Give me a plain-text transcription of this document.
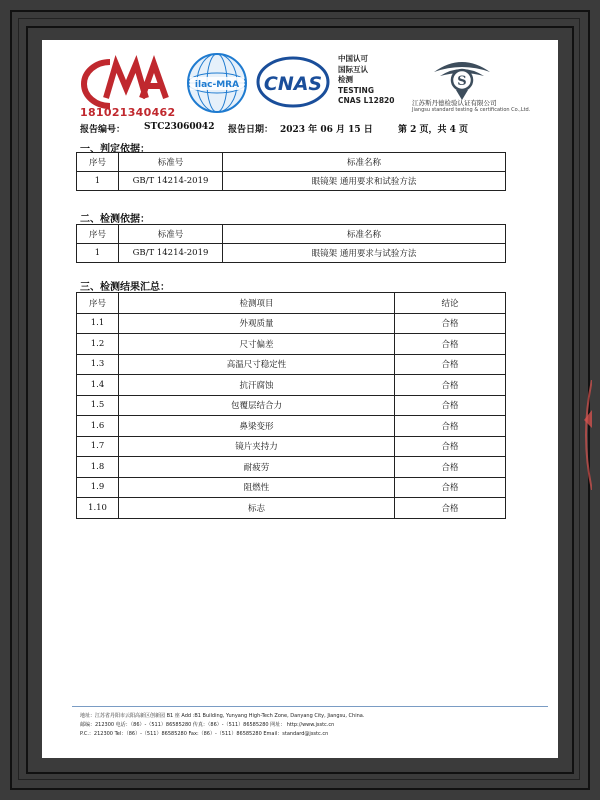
181021340462
ilac-MRA CNAS
中国认可
国际互认
检测
TESTING
CNAS L12820
S
江苏斯丹德检验认证有限公司
Jiangsu standard testing & certification Co.,Ltd.
报告编号： STC23060042 报告日期： 2023 年 06 月 15 日	第 2 页，共 4 页
一、判定依据：
序号	标准号	标准名称
1	GB/T 14214-2019	眼镜架 通用要求和试验方法
二、检测依据：
序号	标准号	标准名称
1	GB/T 14214-2019	眼镜架 通用要求与试验方法
三、检测结果汇总：
序号	检测项目	结论
1.1	外观质量	合格
1.2	尺寸偏差	合格
1.3	高温尺寸稳定性	合格
1.4	抗汗腐蚀	合格
1.5	包覆层结合力	合格
1.6	鼻梁变形	合格
1.7	镜片夹持力	合格
1.8	耐疲劳	合格
1.9	阻燃性	合格
1.10	标志	合格
地址：江苏省丹阳市云阳高新区创新园 B1 座 Add :B1 Building, Yunyang High-Tech Zone, Danyang City, Jiangsu, China.
邮编：212300 电话：（86）-（511）86585280 传真：（86）-（511）86585280 网址： http://www.jsstc.cn
P.C.：212300 Tel：（86）-（511）86585280 Fax:（86）-（511）86585280 Email：standard@jsstc.cn
